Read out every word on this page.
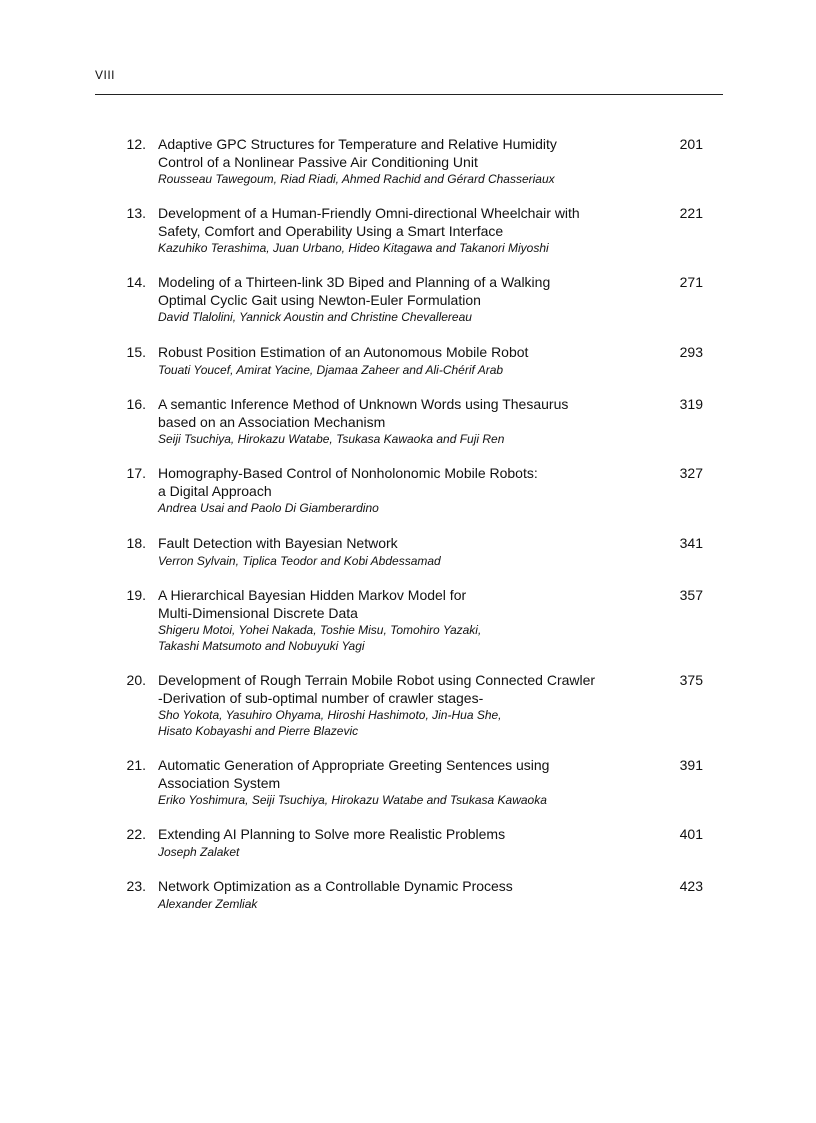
VIII
12. Adaptive GPC Structures for Temperature and Relative Humidity
Control of a Nonlinear Passive Air Conditioning Unit
Rousseau Tawegoum, Riad Riadi, Ahmed Rachid and Gérard Chasseriaux
201
13. Development of a Human-Friendly Omni-directional Wheelchair with
Safety, Comfort and Operability Using a Smart Interface
Kazuhiko Terashima, Juan Urbano, Hideo Kitagawa and Takanori Miyoshi
221
14. Modeling of a Thirteen-link 3D Biped and Planning of a Walking
Optimal Cyclic Gait using Newton-Euler Formulation
David Tlalolini, Yannick Aoustin and Christine Chevallereau
271
15. Robust Position Estimation of an Autonomous Mobile Robot
Touati Youcef, Amirat Yacine, Djamaa Zaheer and Ali-Chérif Arab
293
16. A semantic Inference Method of Unknown Words using Thesaurus
based on an Association Mechanism
Seiji Tsuchiya, Hirokazu Watabe, Tsukasa Kawaoka and Fuji Ren
319
17. Homography-Based Control of Nonholonomic Mobile Robots:
a Digital Approach
Andrea Usai and Paolo Di Giamberardino
327
18. Fault Detection with Bayesian Network
Verron Sylvain, Tiplica Teodor and Kobi Abdessamad
341
19. A Hierarchical Bayesian Hidden Markov Model for
Multi-Dimensional Discrete Data
Shigeru Motoi, Yohei Nakada, Toshie Misu, Tomohiro Yazaki,
Takashi Matsumoto and Nobuyuki Yagi
357
20. Development of Rough Terrain Mobile Robot using Connected Crawler
-Derivation of sub-optimal number of crawler stages-
Sho Yokota, Yasuhiro Ohyama, Hiroshi Hashimoto, Jin-Hua She,
Hisato Kobayashi and Pierre Blazevic
375
21. Automatic Generation of Appropriate Greeting Sentences using
Association System
Eriko Yoshimura, Seiji Tsuchiya, Hirokazu Watabe and Tsukasa Kawaoka
391
22. Extending AI Planning to Solve more Realistic Problems
Joseph Zalaket
401
23. Network Optimization as a Controllable Dynamic Process
Alexander Zemliak
423
